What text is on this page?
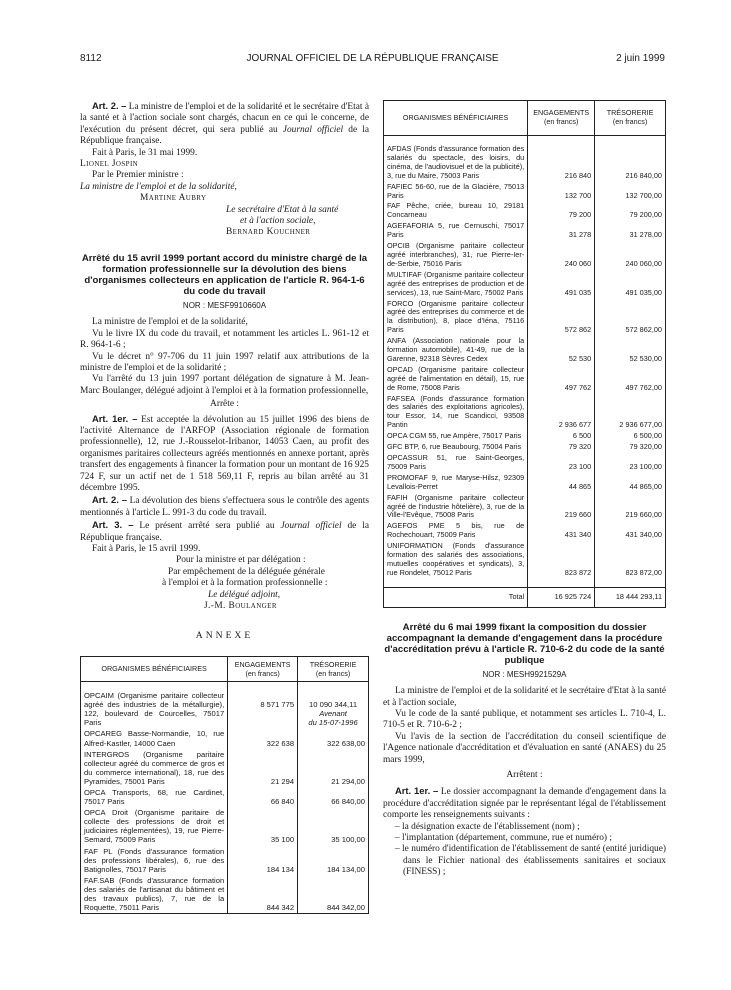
8112	JOURNAL OFFICIEL DE LA RÉPUBLIQUE FRANÇAISE	2 juin 1999

Art. 2. – La ministre de l'emploi et de la solidarité et le secrétaire d'Etat à la santé et à l'action sociale sont chargés, chacun en ce qui le concerne, de l'exécution du présent décret, qui sera publié au Journal officiel de la République française.

Fait à Paris, le 31 mai 1999.

Lionel Jospin

Par le Premier ministre :

La ministre de l'emploi et de la solidarité,

Martine Aubry

Le secrétaire d'Etat à la santé

et à l'action sociale,

Bernard Kouchner

Arrêté du 15 avril 1999 portant accord du ministre chargé de la formation professionnelle sur la dévolution des biens d'organismes collecteurs en application de l'article R. 964-1-6 du code du travail
NOR : MESF9910660A

La ministre de l'emploi et de la solidarité,

Vu le livre IX du code du travail, et notamment les articles L. 961-12 et R. 964-1-6 ;

Vu le décret n° 97-706 du 11 juin 1997 relatif aux attributions de la ministre de l'emploi et de la solidarité ;

Vu l'arrêté du 13 juin 1997 portant délégation de signature à M. Jean-Marc Boulanger, délégué adjoint à l'emploi et à la formation professionnelle,

Arrête :

Art. 1er. – Est acceptée la dévolution au 15 juillet 1996 des biens de l'activité Alternance de l'ARFOP (Association régionale de formation professionnelle), 12, rue J.-Rousselot-Iribanor, 14053 Caen, au profit des organismes paritaires collecteurs agréés mentionnés en annexe portant, après transfert des engagements à financer la formation pour un montant de 16 925 724 F, sur un actif net de 1 518 569,11 F, repris au bilan arrêté au 31 décembre 1995.

Art. 2. – La dévolution des biens s'effectuera sous le contrôle des agents mentionnés à l'article L. 991-3 du code du travail.

Art. 3. – Le présent arrêté sera publié au Journal officiel de la République française.

Fait à Paris, le 15 avril 1999.

Pour la ministre et par délégation :

Par empêchement de la déléguée générale

à l'emploi et à la formation professionnelle :

Le délégué adjoint,

J.-M. Boulanger

ANNEXE
ORGANISMES BÉNÉFICIAIRES	ENGAGEMENTS
(en francs)	TRÉSORERIE
(en francs)

OPCAIM (Organisme paritaire collecteur agréé des industries de la métallurgie), 122, boulevard de Courcelles, 75017 Paris	8 571 775	10 090 344,11
Avenant
du 15-07-1996
OPCAREG Basse-Normandie, 10, rue Alfred-Kastler, 14000 Caen	322 638	322 638,00
INTERGROS (Organisme paritaire collecteur agréé du commerce de gros et du commerce international), 18, rue des Pyramides, 75001 Paris	21 294	21 294,00
OPCA Transports, 68, rue Cardinet, 75017 Paris	66 840	66 840,00
OPCA Droit (Organisme paritaire de collecte des professions de droit et judiciaires réglementées), 19, rue Pierre-Semard, 75009 Paris	35 100	35 100,00
FAF PL (Fonds d'assurance formation des professions libérales), 6, rue des Batignolles, 75017 Paris	184 134	184 134,00
FAF.SAB (Fonds d'assurance formation des salariés de l'artisanat du bâtiment et des travaux publics), 7, rue de la Roquette, 75011 Paris	844 342	844 342,00
ORGANISMES BÉNÉFICIAIRES	ENGAGEMENTS
(en francs)	TRÉSORERIE
(en francs)

AFDAS (Fonds d'assurance formation des salariés du spectacle, des loisirs, du cinéma, de l'audiovisuel et de la publicité), 3, rue du Maire, 75003 Paris	216 840	216 840,00
FAFIEC 56-60, rue de la Glacière, 75013 Paris	132 700	132 700,00
FAF Pêche, criée, bureau 10, 29181 Concarneau	79 200	79 200,00
AGEFAFORIA 5, rue Cernuschi, 75017 Paris	31 278	31 278,00
OPCIB (Organisme paritaire collecteur agréé interbranches), 31, rue Pierre-Ier-de-Serbie, 75016 Paris	240 060	240 060,00
MULTIFAF (Organisme paritaire collecteur agréé des entreprises de production et de services), 13, rue Saint-Marc, 75002 Paris	491 035	491 035,00
FORCO (Organisme paritaire collecteur agréé des entreprises du commerce et de la distribution), 8, place d'Iéna, 75116 Paris	572 862	572 862,00
ANFA (Association nationale pour la formation automobile), 41-49, rue de la Garenne, 92318 Sèvres Cedex	52 530	52 530,00
OPCAD (Organisme paritaire collecteur agréé de l'alimentation en détail), 15, rue de Rome, 75008 Paris	497 762	497 762,00
FAFSEA (Fonds d'assurance formation des salariés des exploitations agricoles), tour Essor, 14, rue Scandicci, 93508 Pantin	2 936 677	2 936 677,00
OPCA CGM 55, rue Ampère, 75017 Paris	6 500	6 500,00
GFC BTP, 6, rue Beaubourg, 75004 Paris	79 320	79 320,00
OPCASSUR 51, rue Saint-Georges, 75009 Paris	23 100	23 100,00
PROMOFAF 9, rue Maryse-Hilsz, 92309 Levallois-Perret	44 865	44 865,00
FAFIH (Organisme paritaire collecteur agréé de l'industrie hôtelière), 3, rue de la Ville-l'Evêque, 75008 Paris	219 660	219 660,00
AGEFOS PME 5 bis, rue de Rochechouart, 75009 Paris	431 340	431 340,00
UNIFORMATION (Fonds d'assurance formation des salariés des associations, mutuelles coopératives et syndicats), 3, rue Rondelet, 75012 Paris	823 872	823 872,00

Total	16 925 724	18 444 293,11
Arrêté du 6 mai 1999 fixant la composition du dossier accompagnant la demande d'engagement dans la procédure d'accréditation prévu à l'article R. 710-6-2 du code de la santé publique
NOR : MESH9921529A

La ministre de l'emploi et de la solidarité et le secrétaire d'Etat à la santé et à l'action sociale,

Vu le code de la santé publique, et notamment ses articles L. 710-4, L. 710-5 et R. 710-6-2 ;

Vu l'avis de la section de l'accréditation du conseil scientifique de l'Agence nationale d'accréditation et d'évaluation en santé (ANAES) du 25 mars 1999,

Arrêtent :

Art. 1er. – Le dossier accompagnant la demande d'engagement dans la procédure d'accréditation signée par le représentant légal de l'établissement comporte les renseignements suivants :

– la désignation exacte de l'établissement (nom) ;
– l'implantation (département, commune, rue et numéro) ;
– le numéro d'identification de l'établissement de santé (entité juridique) dans le Fichier national des établissements sanitaires et sociaux (FINESS) ;
